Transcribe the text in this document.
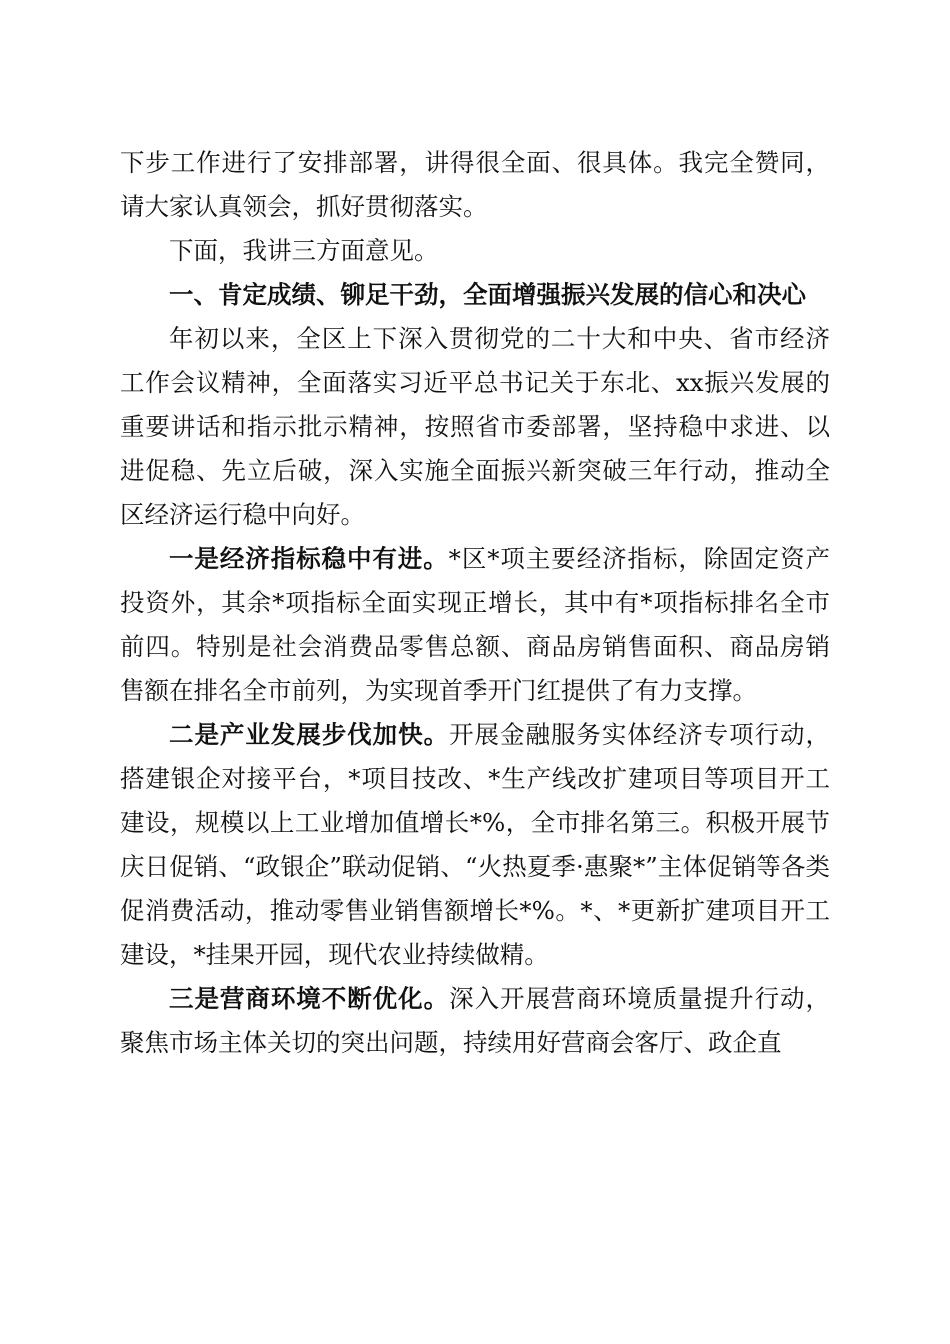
下步工作进行了安排部署，讲得很全面、很具体。我完全赞同，请大家认真领会，抓好贯彻落实。

下面，我讲三方面意见。

一、肯定成绩、铆足干劲，全面增强振兴发展的信心和决心

年初以来，全区上下深入贯彻党的二十大和中央、省市经济工作会议精神，全面落实习近平总书记关于东北、xx振兴发展的重要讲话和指示批示精神，按照省市委部署，坚持稳中求进、以进促稳、先立后破，深入实施全面振兴新突破三年行动，推动全区经济运行稳中向好。

一是经济指标稳中有进。*区*项主要经济指标，除固定资产投资外，其余*项指标全面实现正增长，其中有*项指标排名全市前四。特别是社会消费品零售总额、商品房销售面积、商品房销售额在排名全市前列，为实现首季开门红提供了有力支撑。

二是产业发展步伐加快。开展金融服务实体经济专项行动，搭建银企对接平台，*项目技改、*生产线改扩建项目等项目开工建设，规模以上工业增加值增长*%，全市排名第三。积极开展节庆日促销、“政银企”联动促销、“火热夏季·惠聚*”主体促销等各类促消费活动，推动零售业销售额增长*%。*、*更新扩建项目开工建设，*挂果开园，现代农业持续做精。

三是营商环境不断优化。深入开展营商环境质量提升行动，聚焦市场主体关切的突出问题，持续用好营商会客厅、政企直
